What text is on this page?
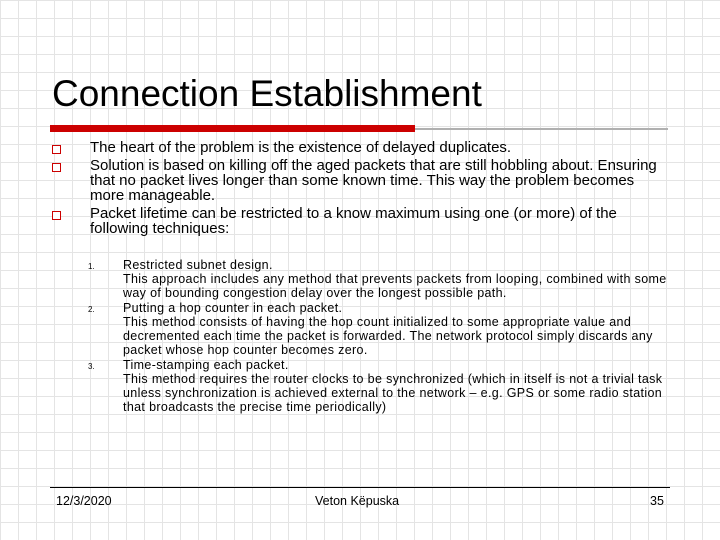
Connection Establishment
The heart of the problem is the existence of delayed duplicates.
Solution is based on killing off the aged packets that are still hobbling about. Ensuring that no packet lives longer than some known time. This way the problem becomes more manageable.
Packet lifetime can be restricted to a know maximum using one (or more) of the following techniques:
1. Restricted subnet design.
This approach includes any method that prevents packets from looping, combined with some way of bounding congestion delay over the longest possible path.
2. Putting a hop counter in each packet.
This method consists of having the hop count initialized to some appropriate value and decremented each time the packet is forwarded. The network protocol simply discards any packet whose hop counter becomes zero.
3. Time-stamping each packet.
This method requires the router clocks to be synchronized (which in itself is not a trivial task unless synchronization is achieved external to the network – e.g. GPS or some radio station that broadcasts the precise time periodically)
12/3/2020	Veton Këpuska	35
